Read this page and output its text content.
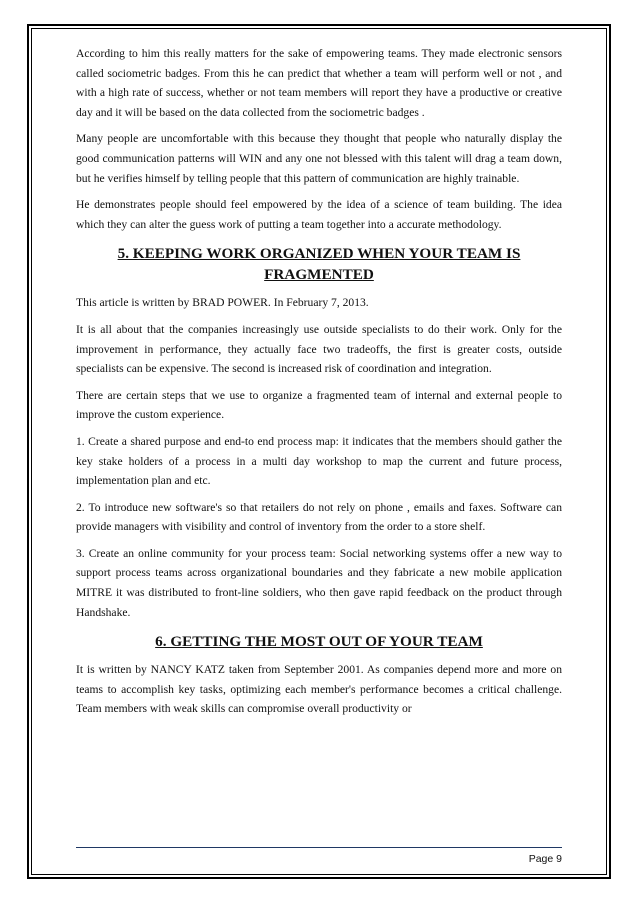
According to him this really matters for the sake of empowering teams. They made electronic sensors called sociometric badges. From this he can predict that whether a team will perform well or not , and with a high rate of success, whether or not team members will report they have a productive or creative day and it will be based on the data collected from the sociometric badges .

Many people are uncomfortable with this because they thought that people who naturally display the good communication patterns will WIN and any one not blessed with this talent will drag a team down, but he verifies himself by telling people that this pattern of communication are highly trainable.

He demonstrates people should feel empowered by the idea of a science of team building. The idea which they can alter the guess work of putting a team together into a accurate methodology.

5. KEEPING WORK ORGANIZED WHEN YOUR TEAM IS
FRAGMENTED

This article is written by BRAD POWER. In February 7, 2013.

It is all about that the companies increasingly use outside specialists to do their work. Only for the improvement in performance, they actually face two tradeoffs, the first is greater costs, outside specialists can be expensive. The second is increased risk of coordination and integration.

There are certain steps that we use to organize a fragmented team of internal and external people to improve the custom experience.

1. Create a shared purpose and end-to end process map: it indicates that the members should gather the key stake holders of a process in a multi day workshop to map the current and future process, implementation plan and etc.

2. To introduce new software's so that retailers do not rely on phone , emails and faxes. Software can provide managers with visibility and control of inventory from the order to a store shelf.

3. Create an online community for your process team: Social networking systems offer a new way to support process teams across organizational boundaries and they fabricate a new mobile application MITRE it was distributed to front-line soldiers, who then gave rapid feedback on the product through Handshake.

6. GETTING THE MOST OUT OF YOUR TEAM

It is written by NANCY KATZ taken from September 2001. As companies depend more and more on teams to accomplish key tasks, optimizing each member's performance becomes a critical challenge. Team members with weak skills can compromise overall productivity or

Page 9
